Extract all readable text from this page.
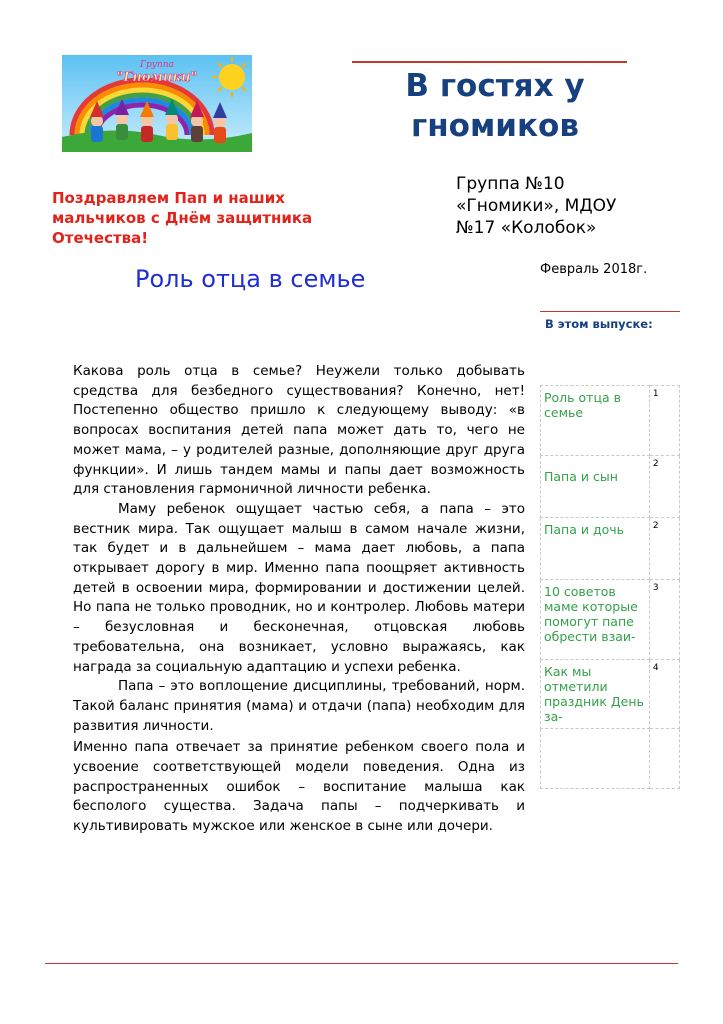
Группа
"Гномики"	В гостях у
гномиков
Поздравляем Пап и наших мальчиков с Днём защитника Отечества!
Группа №10
«Гномики», МДОУ
№17 «Колобок»
Февраль 2018г.
Роль отца в семье
В этом выпуске:

Какова роль отца в семье? Неужели только добывать средства для безбедного существования? Конечно, нет! Постепенно общество пришло к следующему выводу: «в вопросах воспитания детей папа может дать то, чего не может мама, – у родителей разные, дополняющие друг друга функции». И лишь тандем мамы и папы дает возможность для становления гармоничной личности ребенка.

Маму ребенок ощущает частью себя, а папа – это вестник мира. Так ощущает малыш в самом начале жизни, так будет и в дальнейшем – мама дает любовь, а папа открывает дорогу в мир. Именно папа поощряет активность детей в освоении мира, формировании и достижении целей. Но папа не только проводник, но и контролер. Любовь матери – безусловная и бесконечная, отцовская любовь требовательна, она возникает, условно выражаясь, как награда за социальную адаптацию и успехи ребенка.

Папа – это воплощение дисциплины, требований, норм. Такой баланс принятия (мама) и отдачи (папа) необходим для развития личности.

Именно папа отвечает за принятие ребенком своего пола и усвоение соответствующей модели поведения. Одна из распространенных ошибок – воспитание малыша как бесполого существа. Задача папы – подчеркивать и культивировать мужское или женское в сыне или дочери.

Роль отца в семье	1
Папа и сын	2
Папа и дочь	2
10 советов маме которые помогут папе обрести взаи-	3
Как мы отметили праздник День за-	4
